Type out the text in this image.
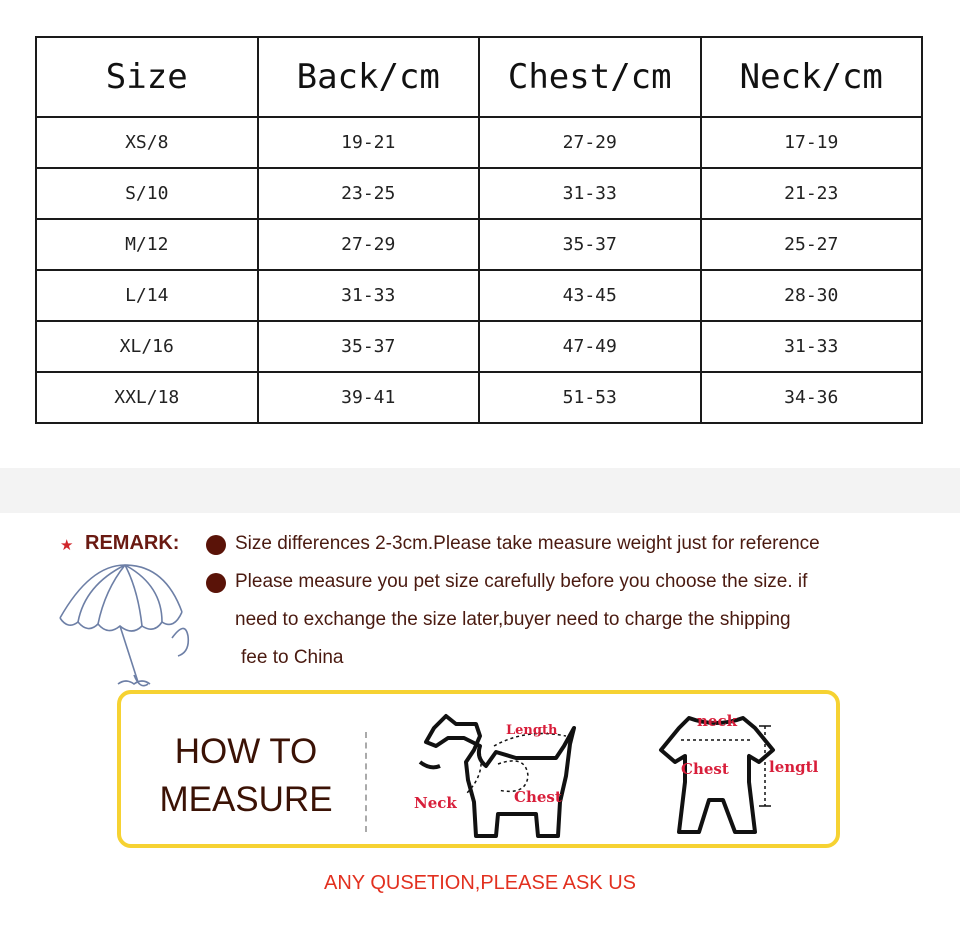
Size	Back/cm	Chest/cm	Neck/cm
XS/8	19-21	27-29	17-19
S/10	23-25	31-33	21-23
M/12	27-29	35-37	25-27
L/14	31-33	43-45	28-30
XL/16	35-37	47-49	31-33
XXL/18	39-41	51-53	34-36
★ REMARK:	Size differences 2-3cm.Please take measure weight just for reference
Please measure you pet size carefully before you choose the size. if
need to exchange the size later,buyer need to charge the shipping
fee to China
HOW TO
MEASURE
Length
Neck	Chest
neck
Chest	lengtl
ANY QUSETION,PLEASE ASK US
